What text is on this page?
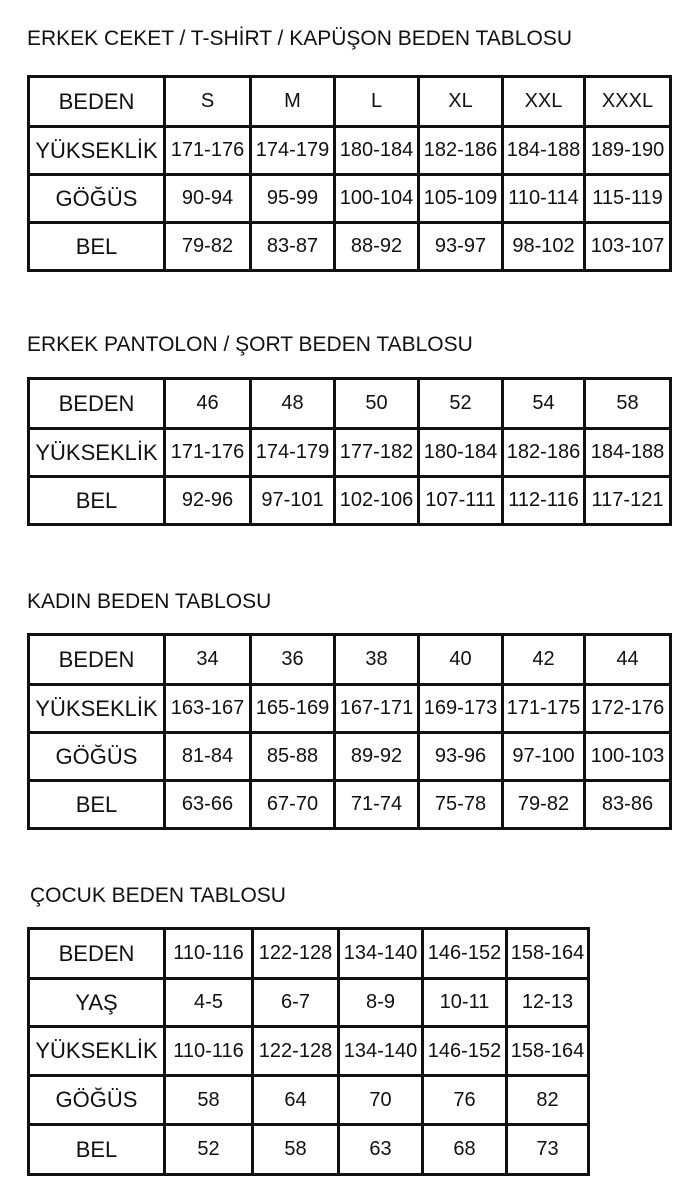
ERKEK CEKET / T-SHİRT / KAPÜŞON BEDEN TABLOSU
BEDEN	S	M	L	XL	XXL	XXXL
YÜKSEKLİK	171-176	174-179	180-184	182-186	184-188	189-190
GÖĞÜS	90-94	95-99	100-104	105-109	110-114	115-119
BEL	79-82	83-87	88-92	93-97	98-102	103-107
ERKEK PANTOLON / ŞORT BEDEN TABLOSU
BEDEN	46	48	50	52	54	58
YÜKSEKLİK	171-176	174-179	177-182	180-184	182-186	184-188
BEL	92-96	97-101	102-106	107-111	112-116	117-121
KADIN BEDEN TABLOSU
BEDEN	34	36	38	40	42	44
YÜKSEKLİK	163-167	165-169	167-171	169-173	171-175	172-176
GÖĞÜS	81-84	85-88	89-92	93-96	97-100	100-103
BEL	63-66	67-70	71-74	75-78	79-82	83-86
ÇOCUK BEDEN TABLOSU
BEDEN	110-116	122-128	134-140	146-152	158-164
YAŞ	4-5	6-7	8-9	10-11	12-13
YÜKSEKLİK	110-116	122-128	134-140	146-152	158-164
GÖĞÜS	58	64	70	76	82
BEL	52	58	63	68	73
